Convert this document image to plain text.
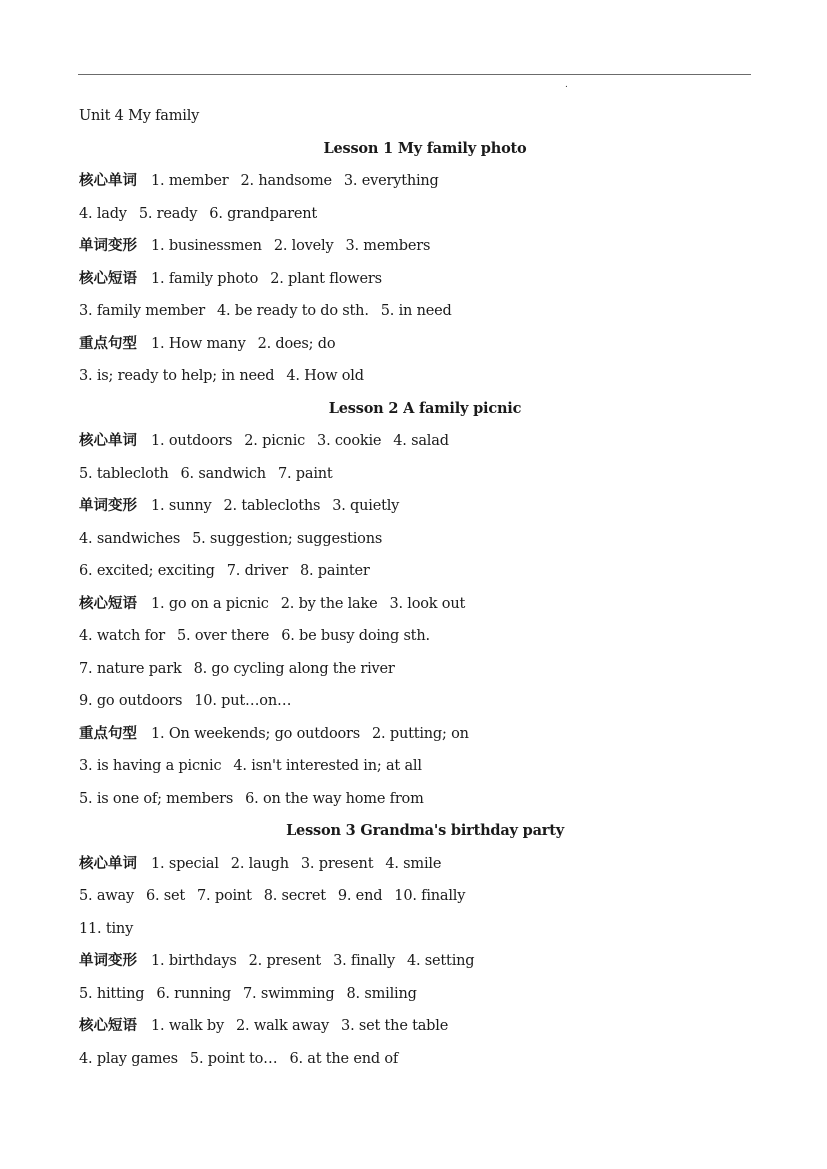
.
Unit 4 My family
Lesson 1 My family photo
核心单词 1. member 2. handsome 3. everything
4. lady 5. ready 6. grandparent
单词变形 1. businessmen 2. lovely 3. members
核心短语 1. family photo 2. plant flowers
3. family member 4. be ready to do sth. 5. in need
重点句型 1. How many 2. does; do
3. is; ready to help; in need 4. How old
Lesson 2 A family picnic
核心单词 1. outdoors 2. picnic 3. cookie 4. salad
5. tablecloth 6. sandwich 7. paint
单词变形 1. sunny 2. tablecloths 3. quietly
4. sandwiches 5. suggestion; suggestions
6. excited; exciting 7. driver 8. painter
核心短语 1. go on a picnic 2. by the lake 3. look out
4. watch for 5. over there 6. be busy doing sth.
7. nature park 8. go cycling along the river
9. go outdoors 10. put…on…
重点句型 1. On weekends; go outdoors 2. putting; on
3. is having a picnic 4. isn't interested in; at all
5. is one of; members 6. on the way home from
Lesson 3 Grandma's birthday party
核心单词 1. special 2. laugh 3. present 4. smile
5. away 6. set 7. point 8. secret 9. end 10. finally
11. tiny
单词变形 1. birthdays 2. present 3. finally 4. setting
5. hitting 6. running 7. swimming 8. smiling
核心短语 1. walk by 2. walk away 3. set the table
4. play games 5. point to… 6. at the end of
